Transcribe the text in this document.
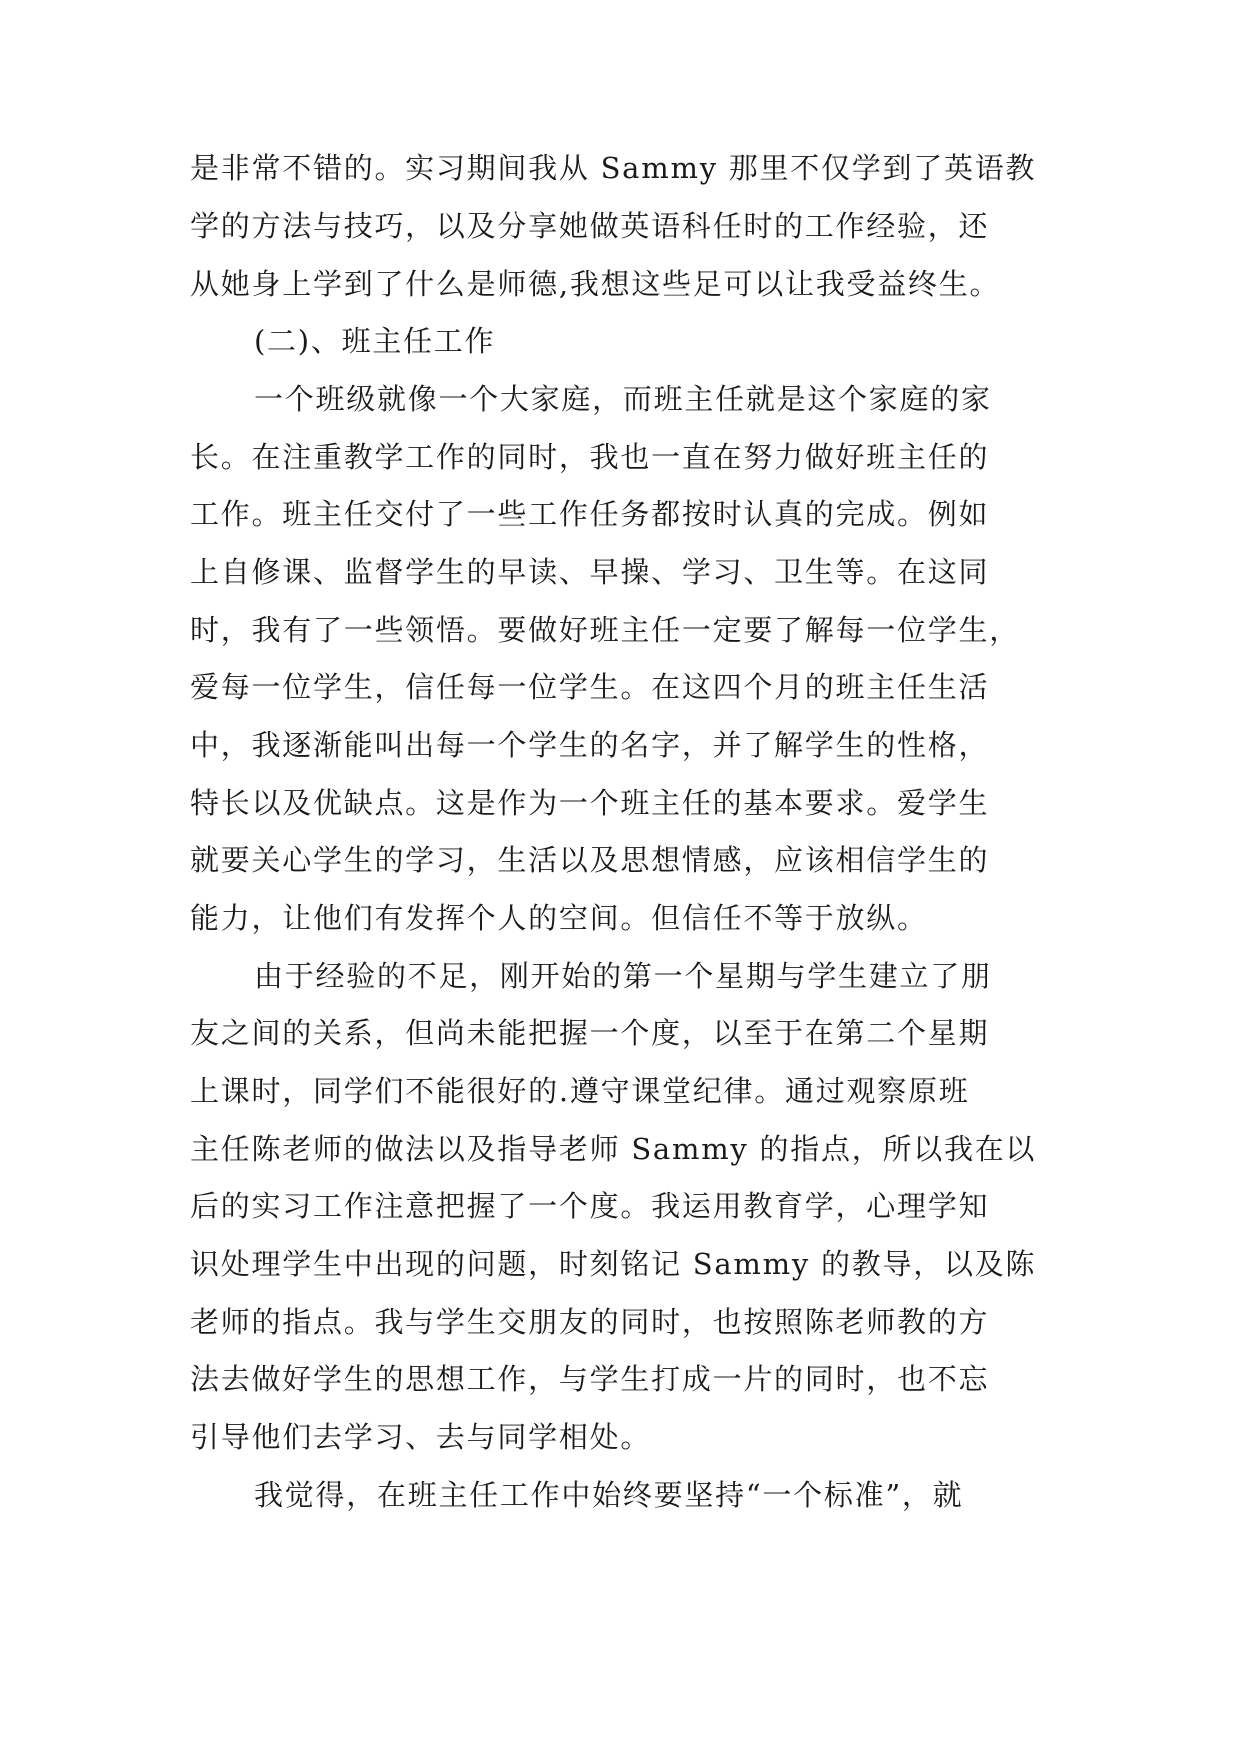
是非常不错的。实习期间我从 Sammy 那里不仅学到了英语教
学的方法与技巧，以及分享她做英语科任时的工作经验，还
从她身上学到了什么是师德,我想这些足可以让我受益终生。
(二)、班主任工作
一个班级就像一个大家庭，而班主任就是这个家庭的家
长。在注重教学工作的同时，我也一直在努力做好班主任的
工作。班主任交付了一些工作任务都按时认真的完成。例如
上自修课、监督学生的早读、早操、学习、卫生等。在这同
时，我有了一些领悟。要做好班主任一定要了解每一位学生，
爱每一位学生，信任每一位学生。在这四个月的班主任生活
中，我逐渐能叫出每一个学生的名字，并了解学生的性格，
特长以及优缺点。这是作为一个班主任的基本要求。爱学生
就要关心学生的学习，生活以及思想情感，应该相信学生的
能力，让他们有发挥个人的空间。但信任不等于放纵。
由于经验的不足，刚开始的第一个星期与学生建立了朋
友之间的关系，但尚未能把握一个度，以至于在第二个星期
上课时，同学们不能很好的.遵守课堂纪律。通过观察原班
主任陈老师的做法以及指导老师 Sammy 的指点，所以我在以
后的实习工作注意把握了一个度。我运用教育学，心理学知
识处理学生中出现的问题，时刻铭记 Sammy 的教导，以及陈
老师的指点。我与学生交朋友的同时，也按照陈老师教的方
法去做好学生的思想工作，与学生打成一片的同时，也不忘
引导他们去学习、去与同学相处。
我觉得，在班主任工作中始终要坚持“一个标准”，就
